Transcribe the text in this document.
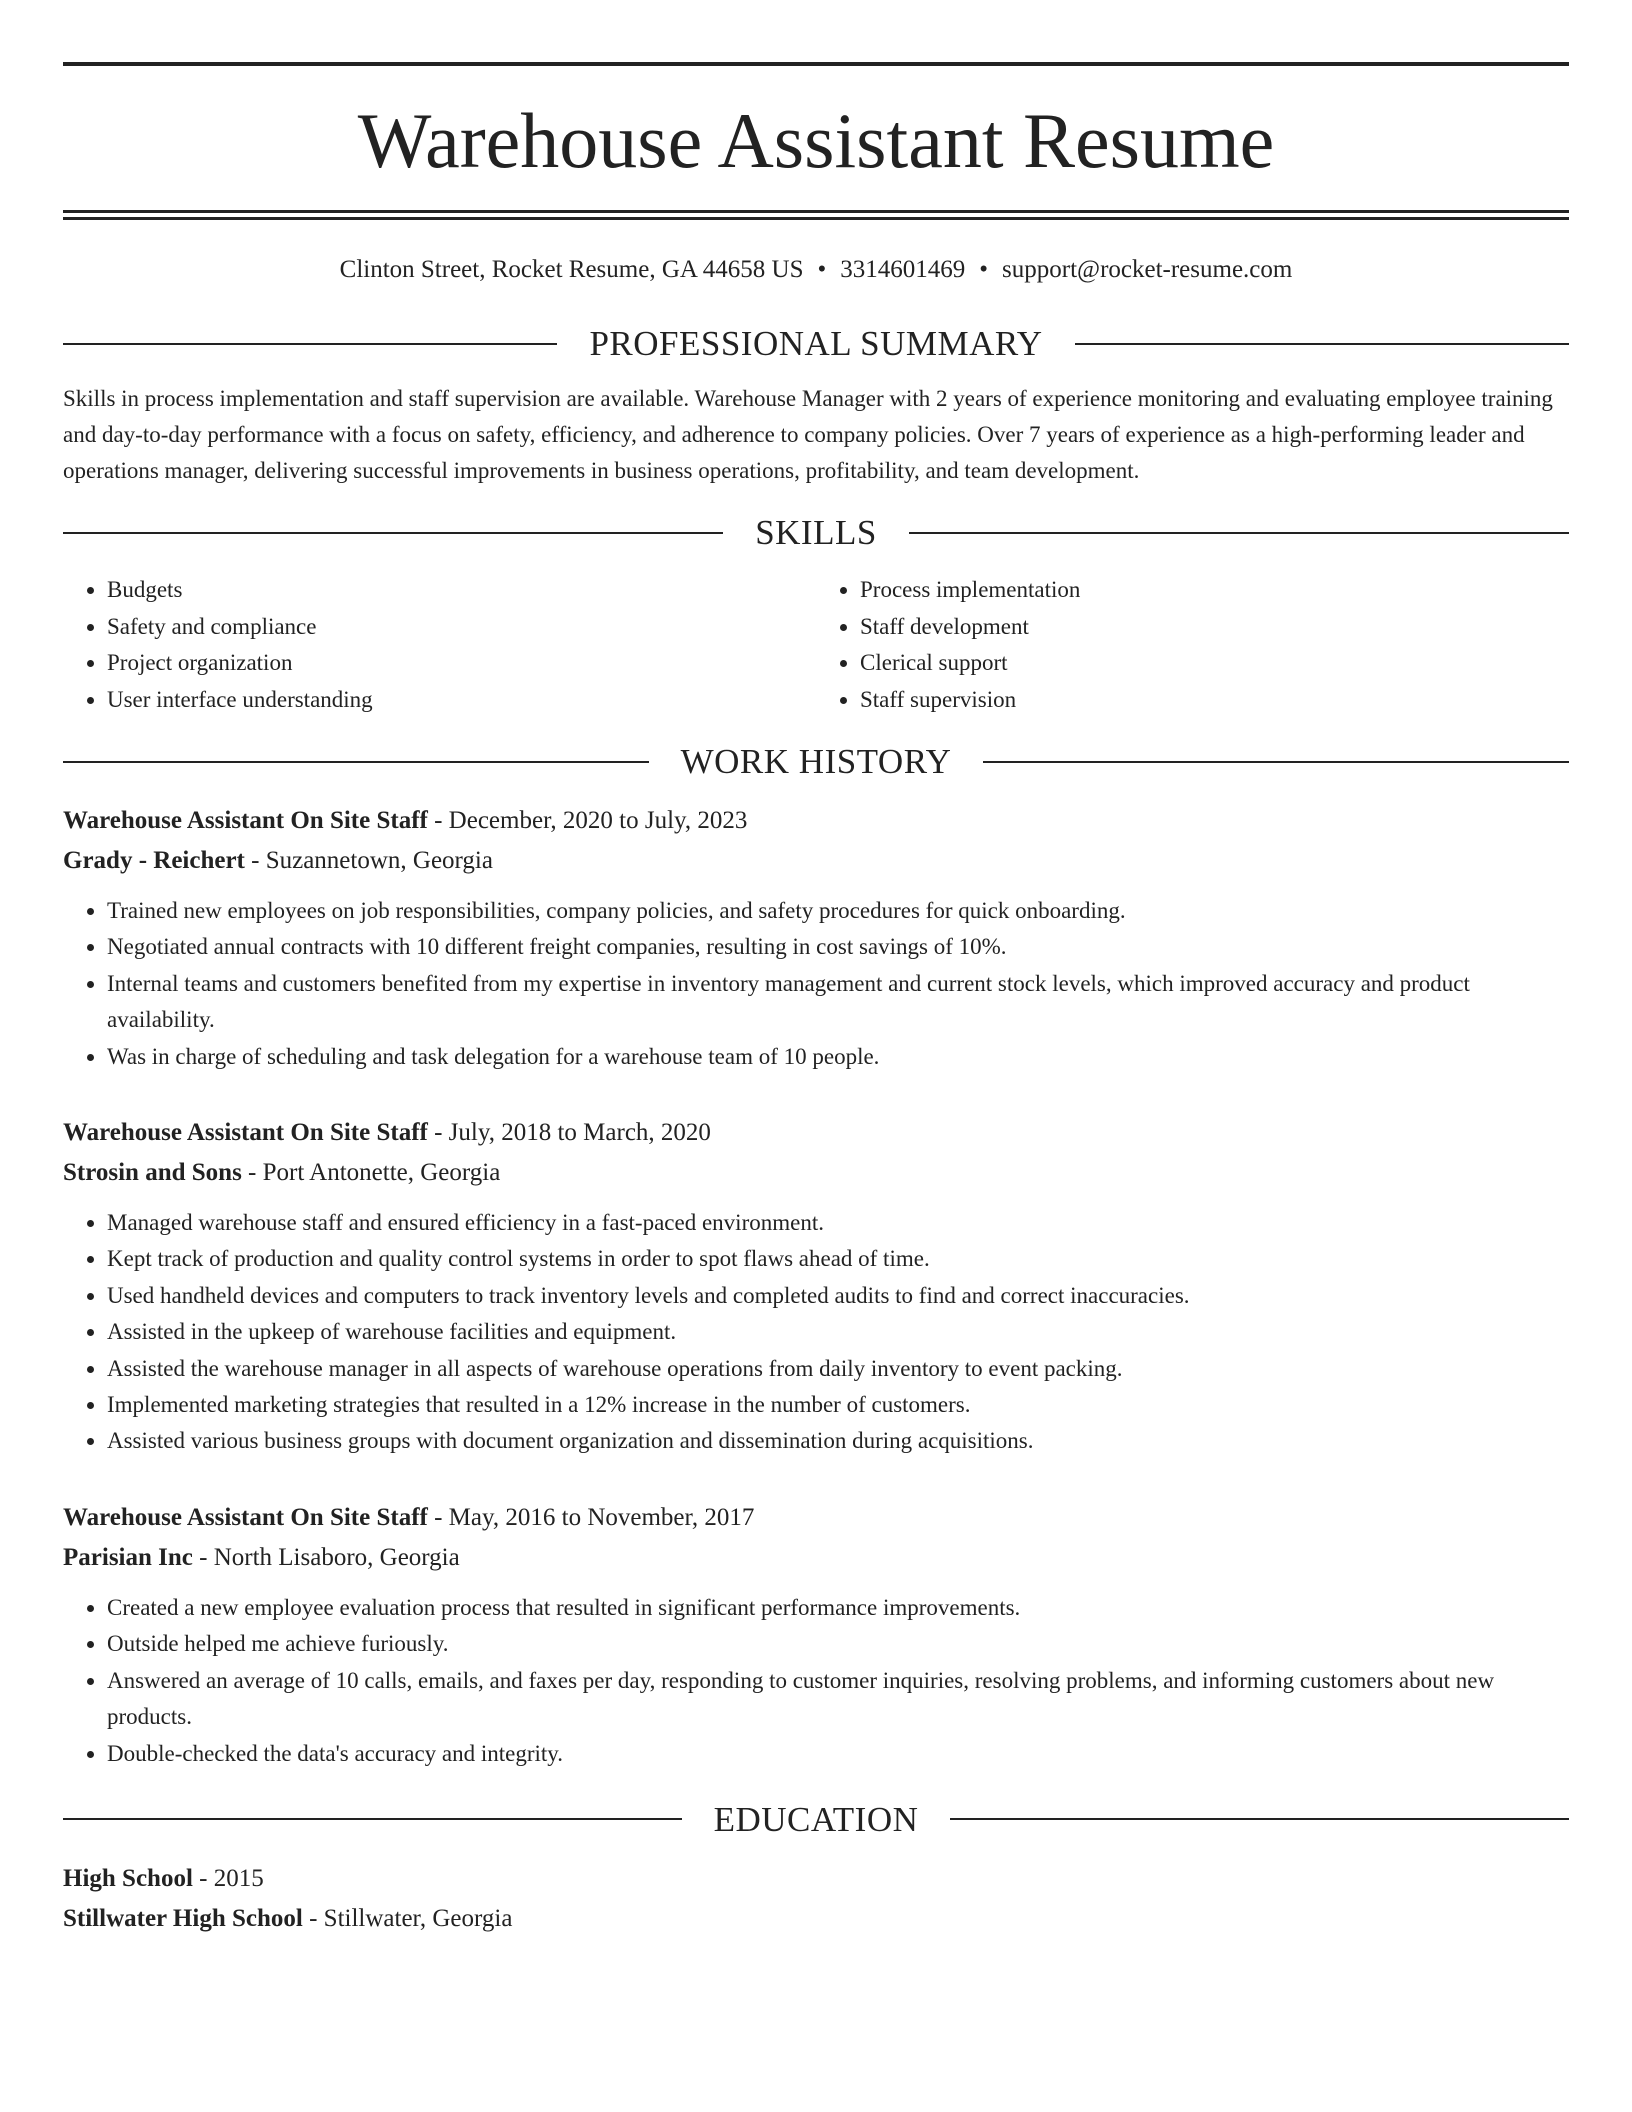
Warehouse Assistant Resume
Clinton Street, Rocket Resume, GA 44658 US • 3314601469 • support@rocket-resume.com
PROFESSIONAL SUMMARY

Skills in process implementation and staff supervision are available. Warehouse Manager with 2 years of experience monitoring and evaluating employee training and day-to-day performance with a focus on safety, efficiency, and adherence to company policies. Over 7 years of experience as a high-performing leader and operations manager, delivering successful improvements in business operations, profitability, and team development.

SKILLS
• Budgets
• Safety and compliance
• Project organization
• User interface understanding
• Process implementation
• Staff development
• Clerical support
• Staff supervision
WORK HISTORY
Warehouse Assistant On Site Staff - December, 2020 to July, 2023
Grady - Reichert - Suzannetown, Georgia
• Trained new employees on job responsibilities, company policies, and safety procedures for quick onboarding.
• Negotiated annual contracts with 10 different freight companies, resulting in cost savings of 10%.
• Internal teams and customers benefited from my expertise in inventory management and current stock levels, which improved accuracy and product availability.
• Was in charge of scheduling and task delegation for a warehouse team of 10 people.
Warehouse Assistant On Site Staff - July, 2018 to March, 2020
Strosin and Sons - Port Antonette, Georgia
• Managed warehouse staff and ensured efficiency in a fast-paced environment.
• Kept track of production and quality control systems in order to spot flaws ahead of time.
• Used handheld devices and computers to track inventory levels and completed audits to find and correct inaccuracies.
• Assisted in the upkeep of warehouse facilities and equipment.
• Assisted the warehouse manager in all aspects of warehouse operations from daily inventory to event packing.
• Implemented marketing strategies that resulted in a 12% increase in the number of customers.
• Assisted various business groups with document organization and dissemination during acquisitions.
Warehouse Assistant On Site Staff - May, 2016 to November, 2017
Parisian Inc - North Lisaboro, Georgia
• Created a new employee evaluation process that resulted in significant performance improvements.
• Outside helped me achieve furiously.
• Answered an average of 10 calls, emails, and faxes per day, responding to customer inquiries, resolving problems, and informing customers about new products.
• Double-checked the data's accuracy and integrity.
EDUCATION
High School - 2015
Stillwater High School - Stillwater, Georgia
